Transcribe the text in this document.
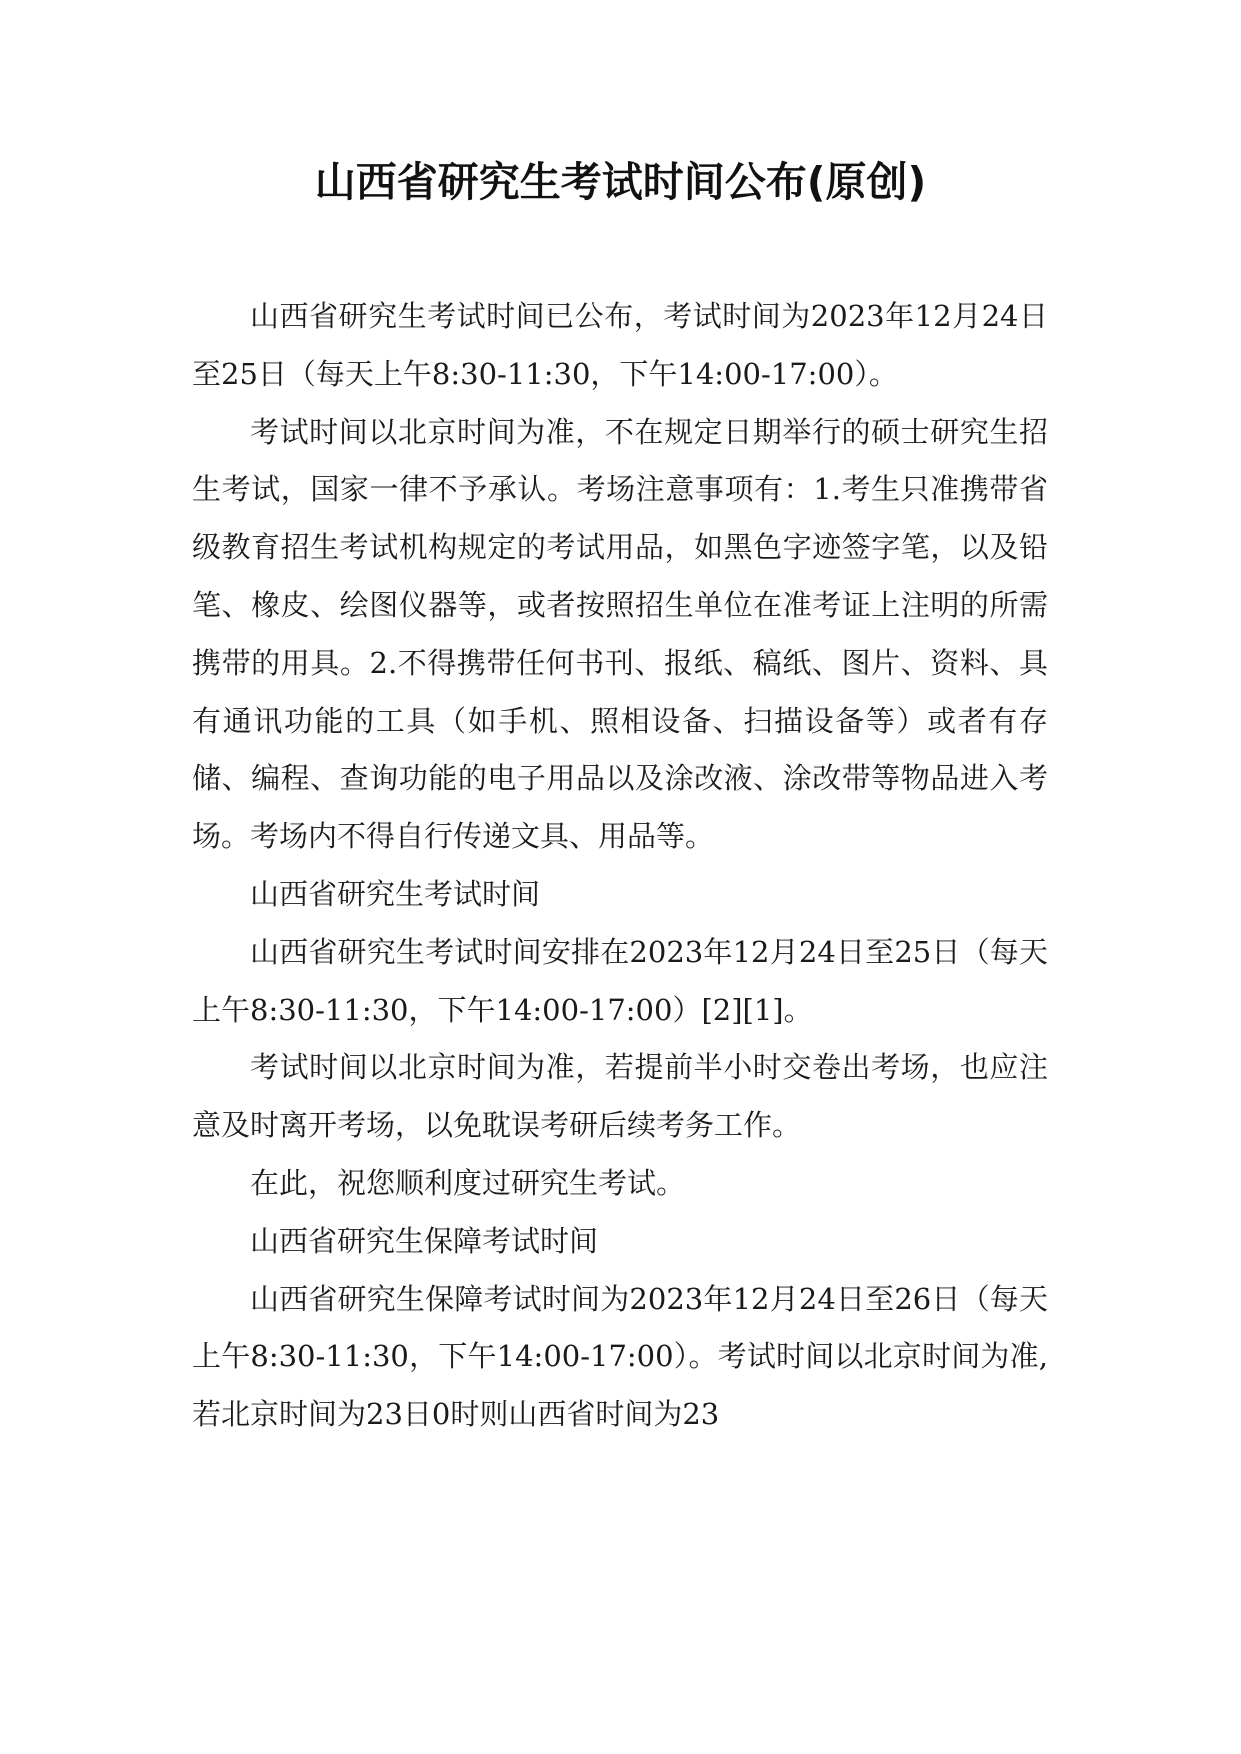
山西省研究生考试时间公布(原创)

山西省研究生考试时间已公布，考试时间为2023年12月24日至25日（每天上午8:30-11:30，下午14:00-17:00）。

考试时间以北京时间为准，不在规定日期举行的硕士研究生招生考试，国家一律不予承认。考场注意事项有：1.考生只准携带省级教育招生考试机构规定的考试用品，如黑色字迹签字笔，以及铅笔、橡皮、绘图仪器等，或者按照招生单位在准考证上注明的所需携带的用具。2.不得携带任何书刊、报纸、稿纸、图片、资料、具有通讯功能的工具（如手机、照相设备、扫描设备等）或者有存储、编程、查询功能的电子用品以及涂改液、涂改带等物品进入考场。考场内不得自行传递文具、用品等。

山西省研究生考试时间

山西省研究生考试时间安排在2023年12月24日至25日（每天上午8:30-11:30，下午14:00-17:00）[2][1]。

考试时间以北京时间为准，若提前半小时交卷出考场，也应注意及时离开考场，以免耽误考研后续考务工作。

在此，祝您顺利度过研究生考试。

山西省研究生保障考试时间

山西省研究生保障考试时间为2023年12月24日至26日（每天上午8:30-11:30，下午14:00-17:00）。考试时间以北京时间为准,若北京时间为23日0时则山西省时间为23
